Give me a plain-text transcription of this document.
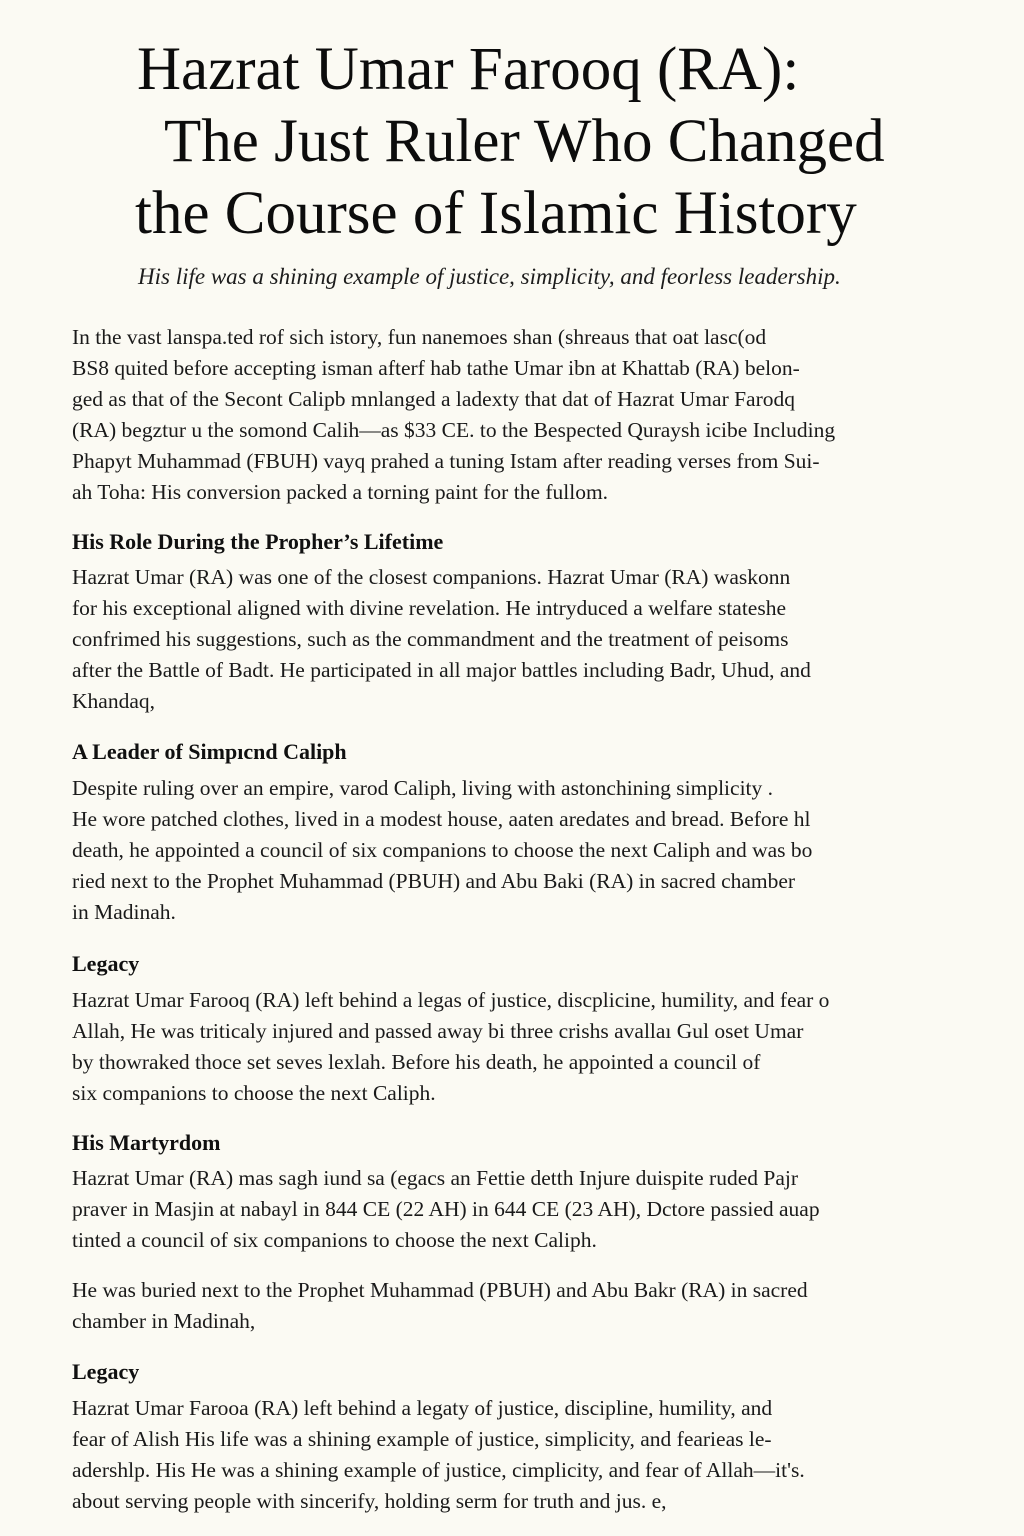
Hazrat Umar Farooq (RA):
The Just Ruler Who Changed
the Course of Islamic History

His life was a shining example of justice, simplicity, and feorless leadership.

In the vast lanspa.ted rof sich istory, fun nanemoes shan (shreaus that oat lasc(od
BS8 quited before accepting isman afterf hab tathe Umar ibn at Khattab (RA) belon-
ged as that of the Secont Calipb mnlanged a ladexty that dat of Hazrat Umar Farodq
(RA) begztur u the somond Calih—as $33 CE. to the Bespected Quraysh icibe Including
Phapyt Muhammad (FBUH) vayq prahed a tuning Istam after reading verses from Sui-
ah Toha: His conversion packed a torning paint for the fullom.
His Role During the Propher’s Lifetime
Hazrat Umar (RA) was one of the closest companions. Hazrat Umar (RA) waskonn
for his exceptional aligned with divine revelation. He intryduced a welfare stateshe
confrimed his suggestions, such as the commandment and the treatment of peisoms
after the Battle of Badt. He participated in all major battles including Badr, Uhud, and
Khandaq,
A Leader of Simpıcnd Caliph
Despite ruling over an empire, varod Caliph, living with astonchining simplicity .
He wore patched clothes, lived in a modest house, aaten aredates and bread. Before hl
death, he appointed a council of six companions to choose the next Caliph and was bo
ried next to the Prophet Muhammad (PBUH) and Abu Baki (RA) in sacred chamber
in Madinah.
Legacy
Hazrat Umar Farooq (RA) left behind a legas of justice, discplicine, humility, and fear o
Allah, He was triticaly injured and passed away bi three crishs avallaı Gul oset Umar
by thowraked thoce set seves lexlah. Before his death, he appointed a council of
six companions to choose the next Caliph.
His Martyrdom
Hazrat Umar (RA) mas sagh iund sa (egacs an Fettie detth Injure duispite ruded Pajr
praver in Masjin at nabayl in 844 CE (22 AH) in 644 CE (23 AH), Dctore passied auap
tinted a council of six companions to choose the next Caliph.
He was buried next to the Prophet Muhammad (PBUH) and Abu Bakr (RA) in sacred
chamber in Madinah,
Legacy
Hazrat Umar Farooa (RA) left behind a legaty of justice, discipline, humility, and
fear of Alish His life was a shining example of justice, simplicity, and fearieas le-
adershlp. His He was a shining example of justice, cimplicity, and fear of Allah—it's.
about serving people with sincerify, holding serm for truth and jus. e,
